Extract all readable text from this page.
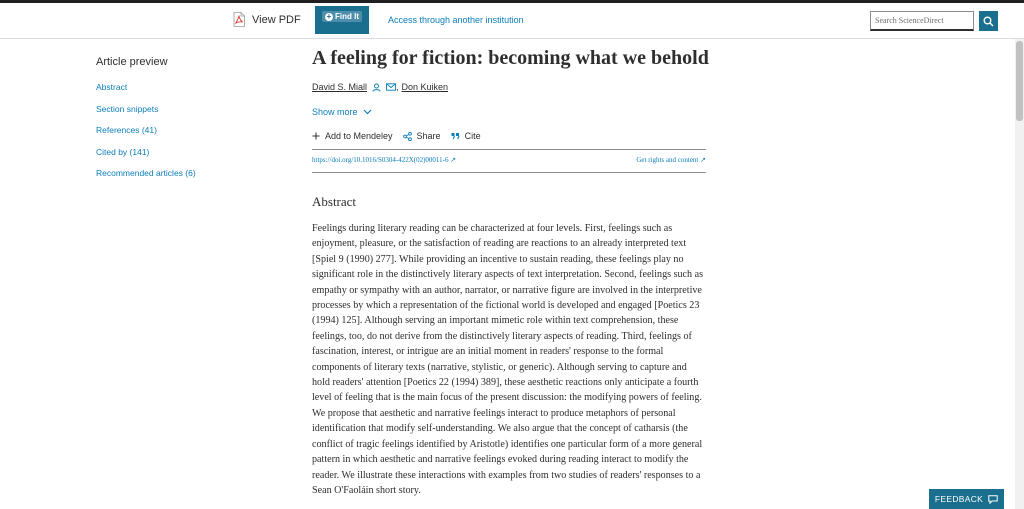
View PDF	+ Find It	Access through another institution
Search ScienceDirect
Article preview
Abstract
Section snippets
References (41)
Cited by (141)
Recommended articles (6)
A feeling for fiction: becoming what we behold
David S. Miall	, Don Kuiken
Show more
Add to Mendeley	Share	Cite
https://doi.org/10.1016/S0304-422X(02)00011-6 ↗	Get rights and content ↗
Abstract

Feelings during literary reading can be characterized at four levels. First, feelings such as enjoyment, pleasure, or the satisfaction of reading are reactions to an already interpreted text [Spiel 9 (1990) 277]. While providing an incentive to sustain reading, these feelings play no significant role in the distinctively literary aspects of text interpretation. Second, feelings such as empathy or sympathy with an author, narrator, or narrative figure are involved in the interpretive processes by which a representation of the fictional world is developed and engaged [Poetics 23 (1994) 125]. Although serving an important mimetic role within text comprehension, these feelings, too, do not derive from the distinctively literary aspects of reading. Third, feelings of fascination, interest, or intrigue are an initial moment in readers' response to the formal components of literary texts (narrative, stylistic, or generic). Although serving to capture and hold readers' attention [Poetics 22 (1994) 389], these aesthetic reactions only anticipate a fourth level of feeling that is the main focus of the present discussion: the modifying powers of feeling. We propose that aesthetic and narrative feelings interact to produce metaphors of personal identification that modify self-understanding. We also argue that the concept of catharsis (the conflict of tragic feelings identified by Aristotle) identifies one particular form of a more general pattern in which aesthetic and narrative feelings evoked during reading interact to modify the reader. We illustrate these interactions with examples from two studies of readers' responses to a Sean O'Faoláin short story.

FEEDBACK
